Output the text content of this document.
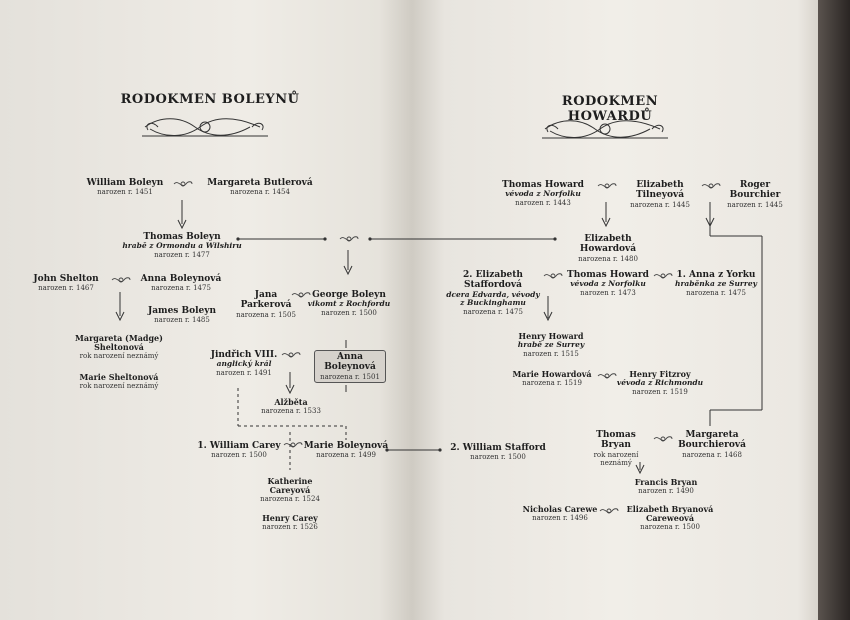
RODOKMEN BOLEYNŮ	RODOKMEN HOWARDŮ
William Boleyn
narozen r. 1451
Margareta Butlerová
narozena r. 1454
Thomas Boleyn
hrabě z Ormondu a Wilshiru
narozen r. 1477
John Shelton
narozen r. 1467
Anna Boleynová
narozena r. 1475
James Boleyn
narozen r. 1485
Margareta (Madge)
Sheltonová
rok narození neznámý
Marie Sheltonová
rok narození neznámý
Jana
Parkerová
narozena r. 1505
George Boleyn
vikomt z Rochfordu
narozen r. 1500
Anna
Boleynová
narozena r. 1501
Jindřich VIII.
anglický král
narozen r. 1491
Alžběta
narozena r. 1533
1. William Carey
narozen r. 1500
Marie Boleynová
narozena r. 1499
2. William Stafford
narozen r. 1500
Katherine
Careyová
narozena r. 1524
Henry Carey
narozen r. 1526
Thomas Howard
vévoda z Norfolku
narozen r. 1443
Elizabeth
Tilneyová
narozena r. 1445
Roger
Bourchier
narozen r. 1445
Elizabeth Howardová
narozena r. 1480
2. Elizabeth
Staffordová
dcera Edvarda, vévody
z Buckinghamu
narozena r. 1475
Thomas Howard
vévoda z Norfolku
narozen r. 1473
1. Anna z Yorku
hraběnka ze Surrey
narozena r. 1475
Henry Howard
hrabě ze Surrey
narozen r. 1515
Marie Howardová
narozena r. 1519
Henry Fitzroy
vévoda z Richmondu
narozen r. 1519
Thomas Bryan
rok narození
neznámý
Margareta
Bourchierová
narozena r. 1468
Francis Bryan
narozen r. 1490
Nicholas Carewe
narozen r. 1496
Elizabeth Bryanová
Careweová
narozena r. 1500
